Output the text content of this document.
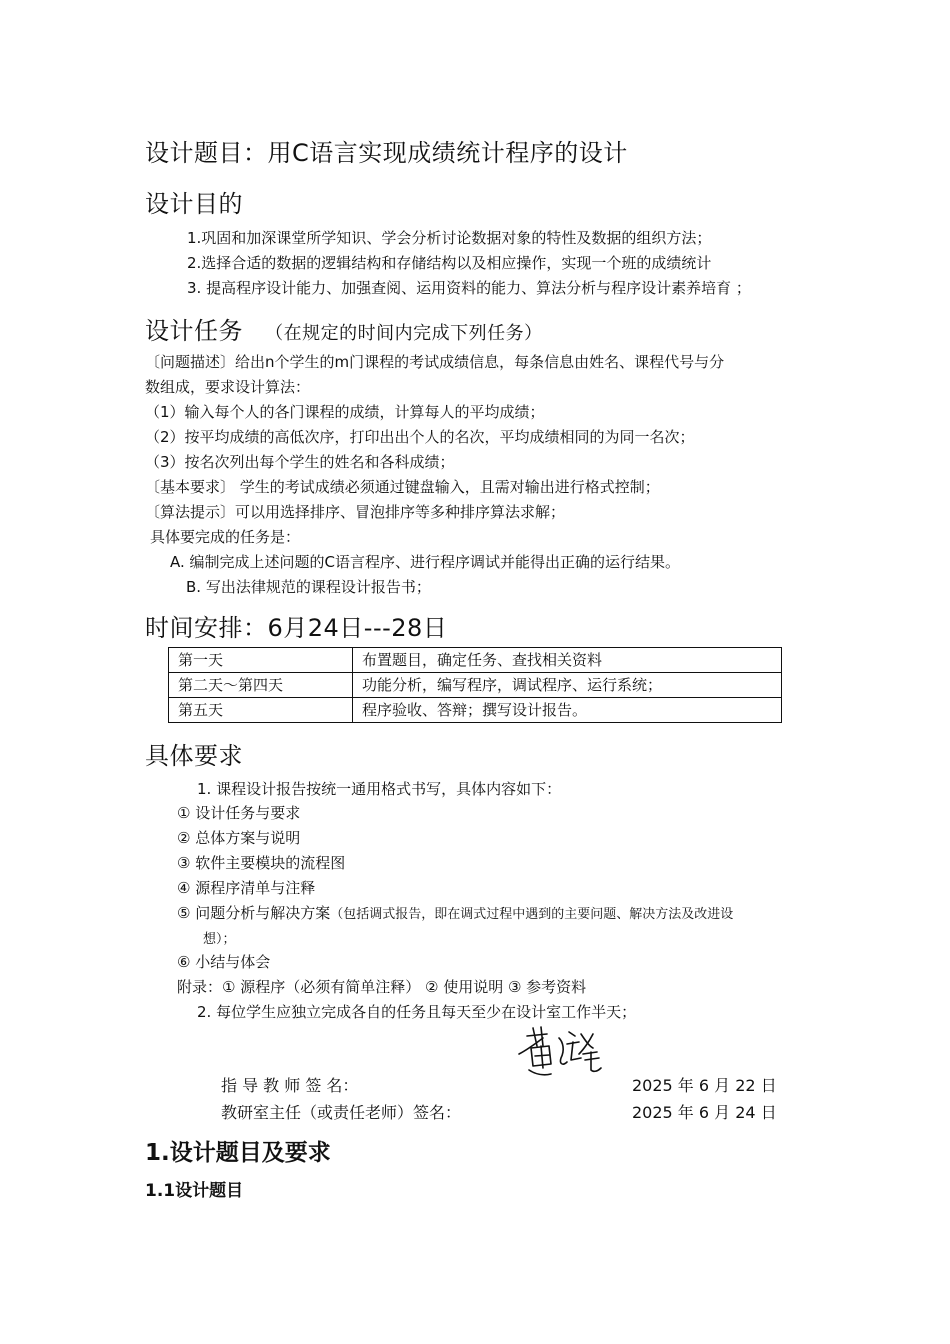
设计题目：用C语言实现成绩统计程序的设计
设计目的
1.巩固和加深课堂所学知识、学会分析讨论数据对象的特性及数据的组织方法；
2.选择合适的数据的逻辑结构和存储结构以及相应操作，实现一个班的成绩统计
3. 提高程序设计能力、加强查阅、运用资料的能力、算法分析与程序设计素养培育 ；
设计任务 （在规定的时间内完成下列任务）
〔问题描述〕给出n个学生的m门课程的考试成绩信息，每条信息由姓名、课程代号与分
数组成，要求设计算法：
（1）输入每个人的各门课程的成绩，计算每人的平均成绩；
（2）按平均成绩的高低次序，打印出出个人的名次，平均成绩相同的为同一名次；
（3）按名次列出每个学生的姓名和各科成绩；
〔基本要求〕 学生的考试成绩必须通过键盘输入，且需对输出进行格式控制；
〔算法提示〕可以用选择排序、冒泡排序等多种排序算法求解；
具体要完成的任务是：
A. 编制完成上述问题的C语言程序、进行程序调试并能得出正确的运行结果。
B. 写出法律规范的课程设计报告书；
时间安排：6月24日---28日
第一天	布置题目，确定任务、查找相关资料
第二天～第四天	功能分析，编写程序，调试程序、运行系统；
第五天	程序验收、答辩；撰写设计报告。
具体要求
1. 课程设计报告按统一通用格式书写，具体内容如下：
① 设计任务与要求
② 总体方案与说明
③ 软件主要模块的流程图
④ 源程序清单与注释
⑤ 问题分析与解决方案（包括调式报告，即在调式过程中遇到的主要问题、解决方法及改进设
想）；
⑥ 小结与体会
附录：① 源程序（必须有简单注释） ② 使用说明 ③ 参考资料
2. 每位学生应独立完成各自的任务且每天至少在设计室工作半天；
指 导 教 师 签 名：	2025 年 6 月 22 日
教研室主任（或责任老师）签名：	2025 年 6 月 24 日
1.设计题目及要求
1.1设计题目
